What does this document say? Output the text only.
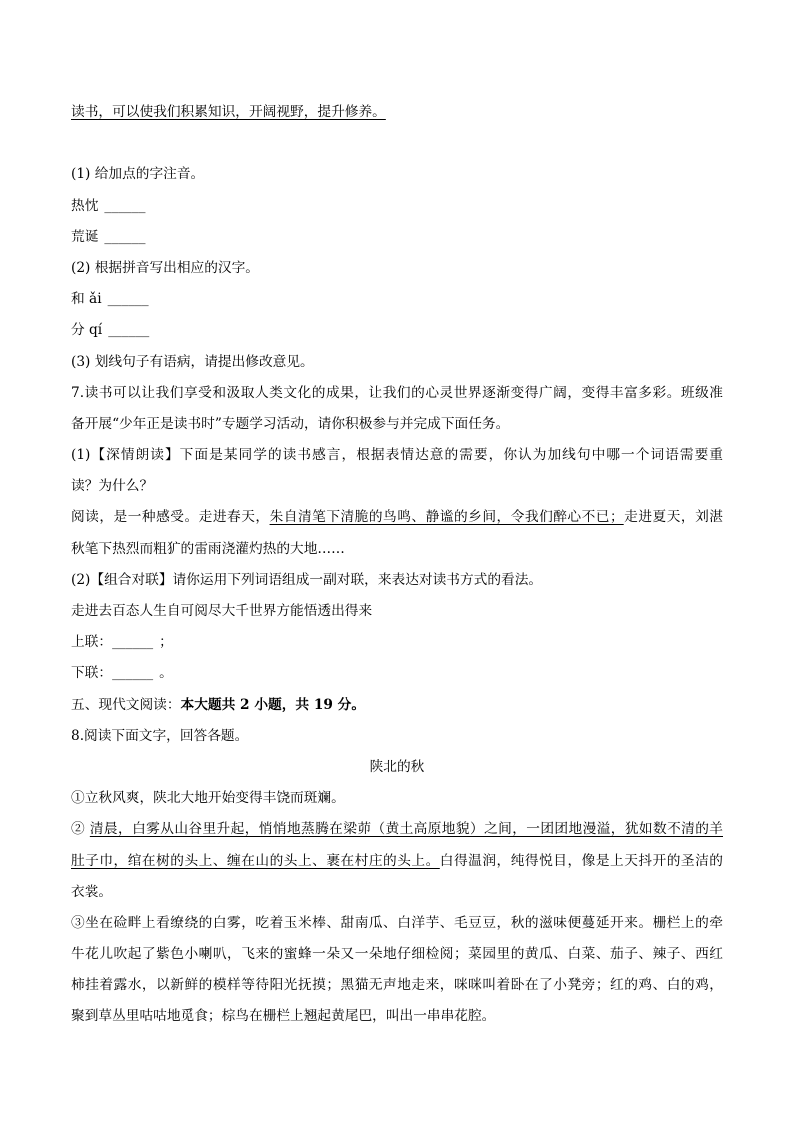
读书，可以使我们积累知识，开阔视野，提升修养。
(1) 给加点的字注音。
热忱 ______
荒诞 ______
(2) 根据拼音写出相应的汉字。
和 ǎi ______
分 qí ______
(3) 划线句子有语病，请提出修改意见。
7.读书可以让我们享受和汲取人类文化的成果，让我们的心灵世界逐渐变得广阔，变得丰富多彩。班级准
备开展“少年正是读书时”专题学习活动，请你积极参与并完成下面任务。
(1)【深情朗读】下面是某同学的读书感言，根据表情达意的需要，你认为加线句中哪一个词语需要重
读？为什么？
阅读，是一种感受。走进春天，朱自清笔下清脆的鸟鸣、静谧的乡间，令我们醉心不已；走进夏天，刘湛
秋笔下热烈而粗犷的雷雨浇灌灼热的大地……
(2)【组合对联】请你运用下列词语组成一副对联，来表达对读书方式的看法。
走进去百态人生自可阅尽大千世界方能悟透出得来
上联：______ ；
下联：______ 。
五、现代文阅读：本大题共 2 小题，共 19 分。
8.阅读下面文字，回答各题。
陕北的秋
①立秋风爽，陕北大地开始变得丰饶而斑斓。
② 清晨，白雾从山谷里升起，悄悄地蒸腾在梁茆（黄土高原地貌）之间，一团团地漫溢，犹如数不清的羊
肚子巾，绾在树的头上、缠在山的头上、裹在村庄的头上。白得温润，纯得悦目，像是上天抖开的圣洁的
衣裳。
③坐在硷畔上看缭绕的白雾，吃着玉米棒、甜南瓜、白洋芋、毛豆豆，秋的滋味便蔓延开来。栅栏上的牵
牛花儿吹起了紫色小喇叭，飞来的蜜蜂一朵又一朵地仔细检阅；菜园里的黄瓜、白菜、茄子、辣子、西红
柿挂着露水，以新鲜的模样等待阳光抚摸；黑猫无声地走来，咪咪叫着卧在了小凳旁；红的鸡、白的鸡，
聚到草丛里咕咕地觅食；棕鸟在栅栏上翘起黄尾巴，叫出一串串花腔。
